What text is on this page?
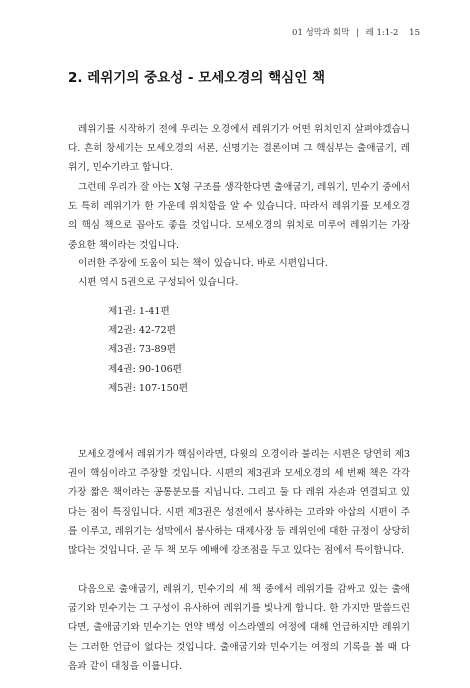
01 성막과 회막 | 레 1:1-2 15
2. 레위기의 중요성 - 모세오경의 핵심인 책

레위기를 시작하기 전에 우리는 오경에서 레위기가 어떤 위치인지 살펴야겠습니다. 흔히 창세기는 모세오경의 서론, 신명기는 결론이며 그 핵심부는 출애굽기, 레위기, 민수기라고 합니다.

그런데 우리가 잘 아는 X형 구조를 생각한다면 출애굽기, 레위기, 민수기 중에서도 특히 레위기가 한 가운데 위치함을 알 수 있습니다. 따라서 레위기를 모세오경의 핵심 책으로 꼽아도 좋을 것입니다. 모세오경의 위치로 미루어 레위기는 가장 중요한 책이라는 것입니다.

이러한 주장에 도움이 되는 책이 있습니다. 바로 시편입니다.

시편 역시 5권으로 구성되어 있습니다.

제1권: 1-41편
제2권: 42-72편
제3권: 73-89편
제4권: 90-106편
제5권: 107-150편

모세오경에서 레위기가 핵심이라면, 다윗의 오경이라 불리는 시편은 당연히 제3권이 핵심이라고 주장할 것입니다. 시편의 제3권과 모세오경의 세 번째 책은 각각 가장 짧은 책이라는 공통분모를 지닙니다. 그리고 둘 다 레위 자손과 연결되고 있다는 점이 특징입니다. 시편 제3권은 성전에서 봉사하는 고라와 아삽의 시편이 주를 이루고, 레위기는 성막에서 봉사하는 대제사장 등 레위인에 대한 규정이 상당히 많다는 것입니다. 곧 두 책 모두 예배에 강조점을 두고 있다는 점에서 특이합니다.

다음으로 출애굽기, 레위기, 민수기의 세 책 중에서 레위기를 감싸고 있는 출애굽기와 민수기는 그 구성이 유사하여 레위기를 빛나게 합니다. 한 가지만 말씀드린다면, 출애굽기와 민수기는 언약 백성 이스라엘의 여정에 대해 언급하지만 레위기는 그러한 언급이 없다는 것입니다. 출애굽기와 민수기는 여정의 기록을 볼 때 다음과 같이 대칭을 이룹니다.
